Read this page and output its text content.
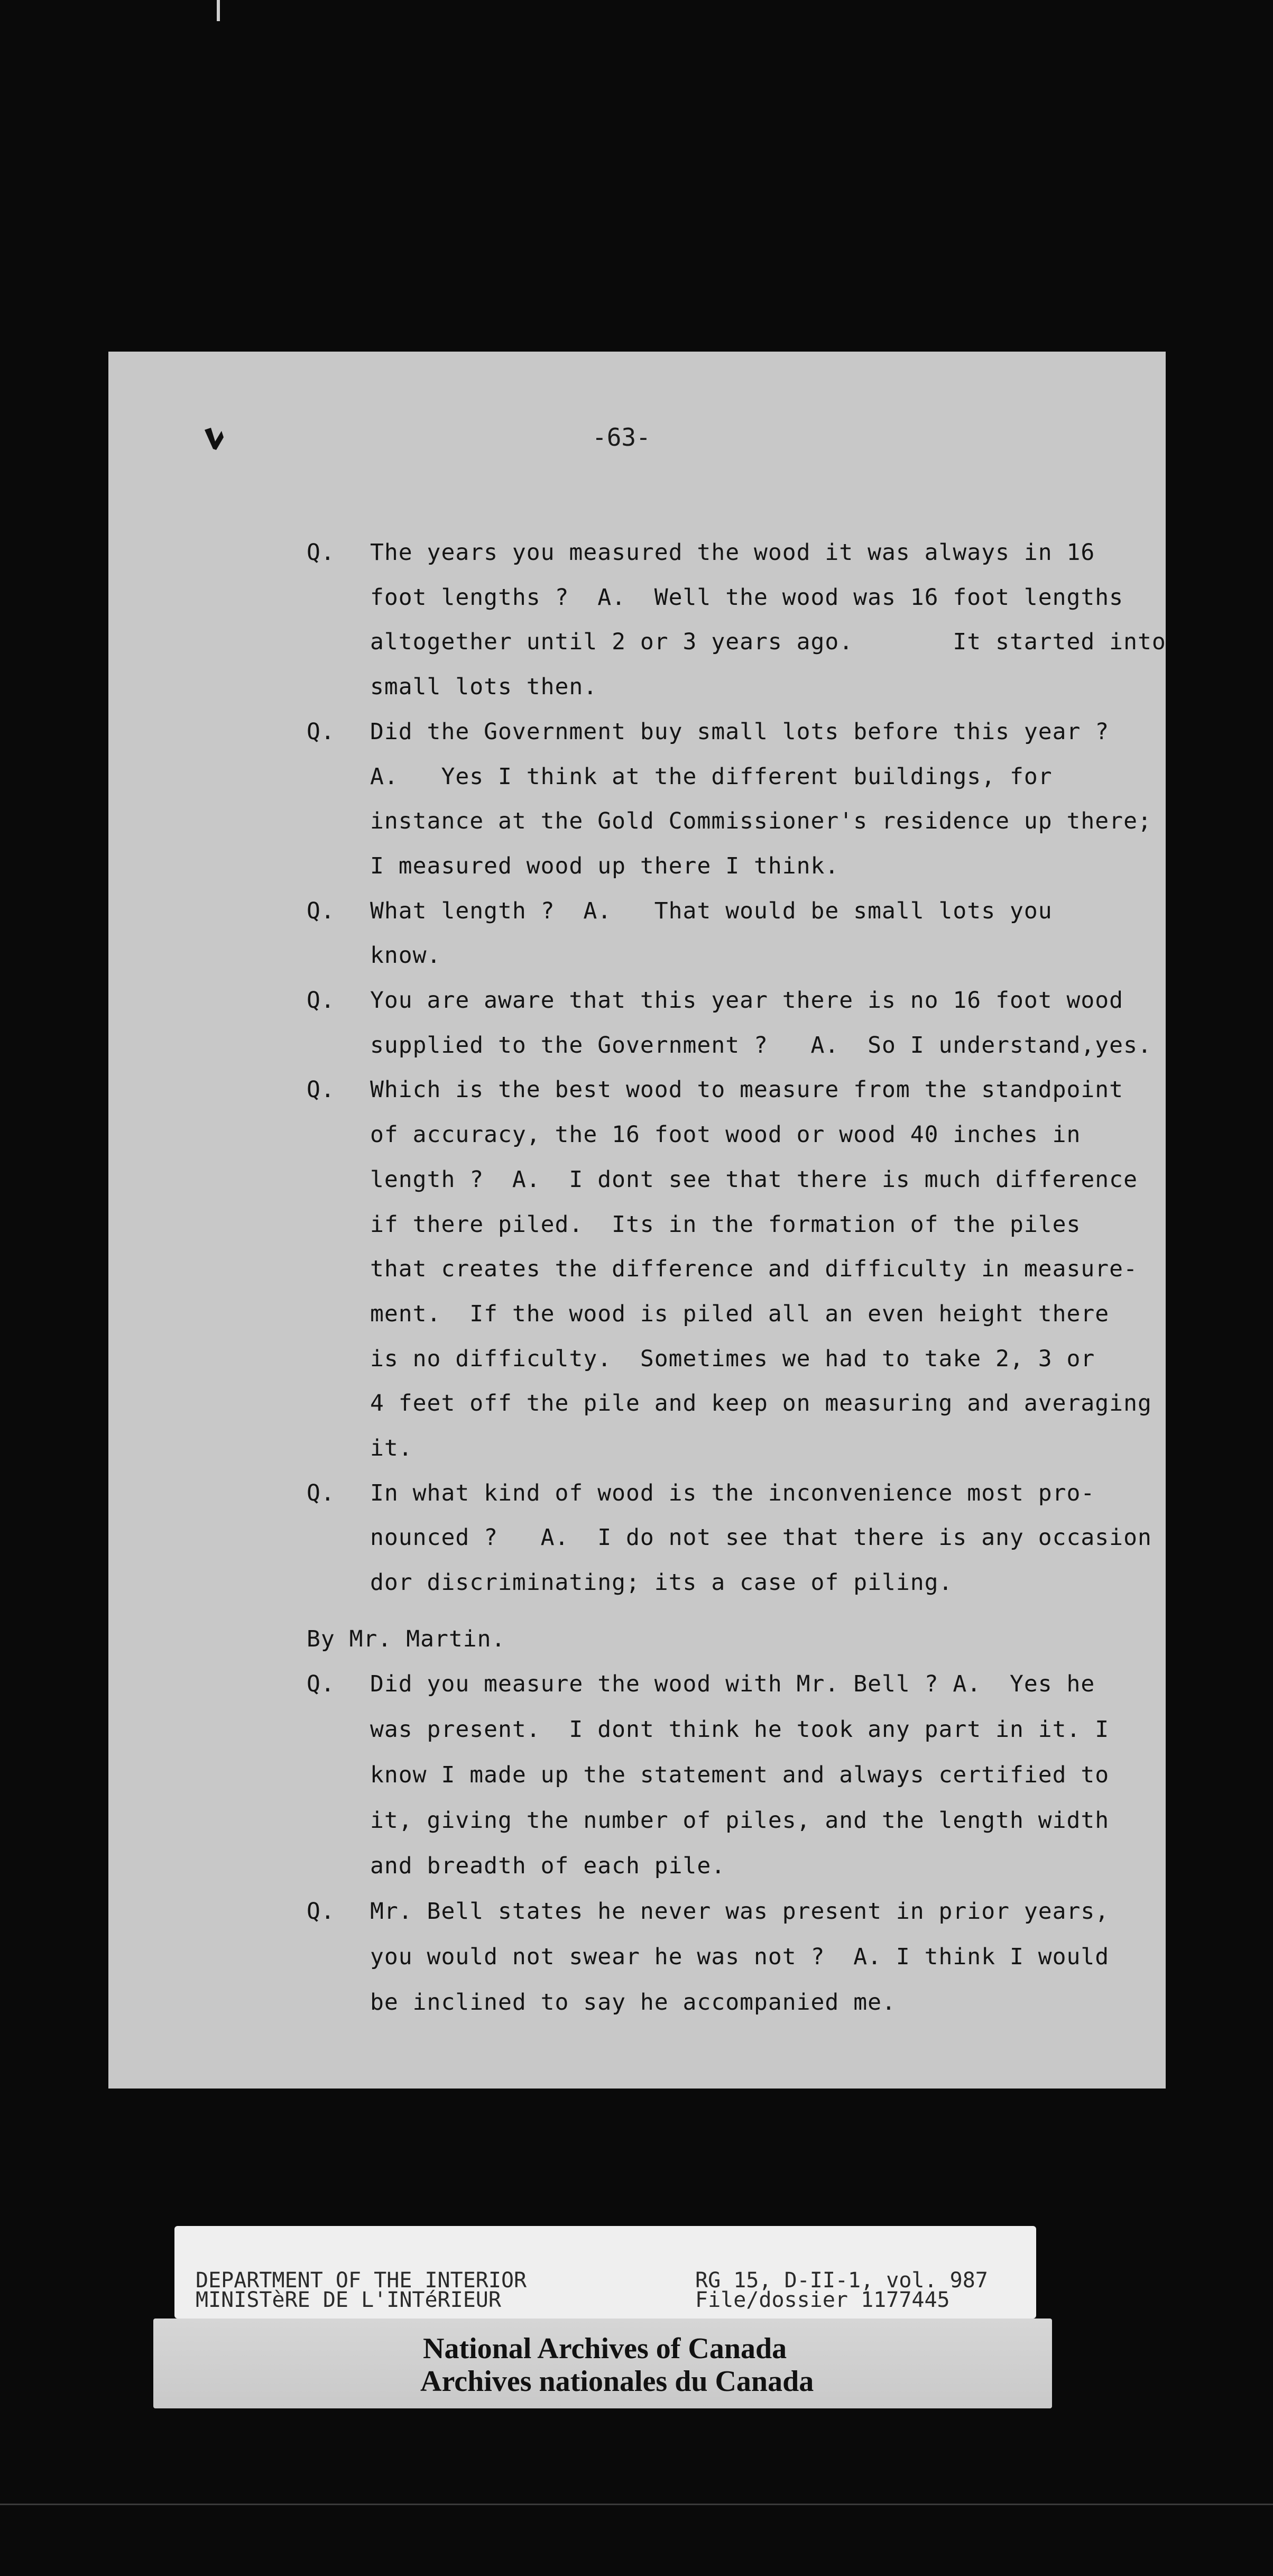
-63-
Q. The years you measured the wood it was always in 16
foot lengths ?  A.  Well the wood was 16 foot lengths
altogether until 2 or 3 years ago.       It started into
small lots then.
Q. Did the Government buy small lots before this year ?
A.   Yes I think at the different buildings, for
instance at the Gold Commissioner's residence up there;
I measured wood up there I think.
Q. What length ?  A.   That would be small lots you
know.
Q. You are aware that this year there is no 16 foot wood
supplied to the Government ?   A.  So I understand,yes.
Q. Which is the best wood to measure from the standpoint
of accuracy, the 16 foot wood or wood 40 inches in
length ?  A.  I dont see that there is much difference
if there piled.  Its in the formation of the piles
that creates the difference and difficulty in measure-
ment.  If the wood is piled all an even height there
is no difficulty.  Sometimes we had to take 2, 3 or
4 feet off the pile and keep on measuring and averaging
it.
Q. In what kind of wood is the inconvenience most pro-
nounced ?   A.  I do not see that there is any occasion
dor discriminating; its a case of piling.
By Mr. Martin.
Q. Did you measure the wood with Mr. Bell ? A.  Yes he
was present.  I dont think he took any part in it. I
know I made up the statement and always certified to
it, giving the number of piles, and the length width
and breadth of each pile.
Q. Mr. Bell states he never was present in prior years,
you would not swear he was not ?  A. I think I would
be inclined to say he accompanied me.
DEPARTMENT OF THE INTERIOR
MINISTèRE DE L'INTéRIEUR
RG 15, D-II-1, vol. 987
File/dossier 1177445
National Archives of Canada
Archives nationales du Canada
